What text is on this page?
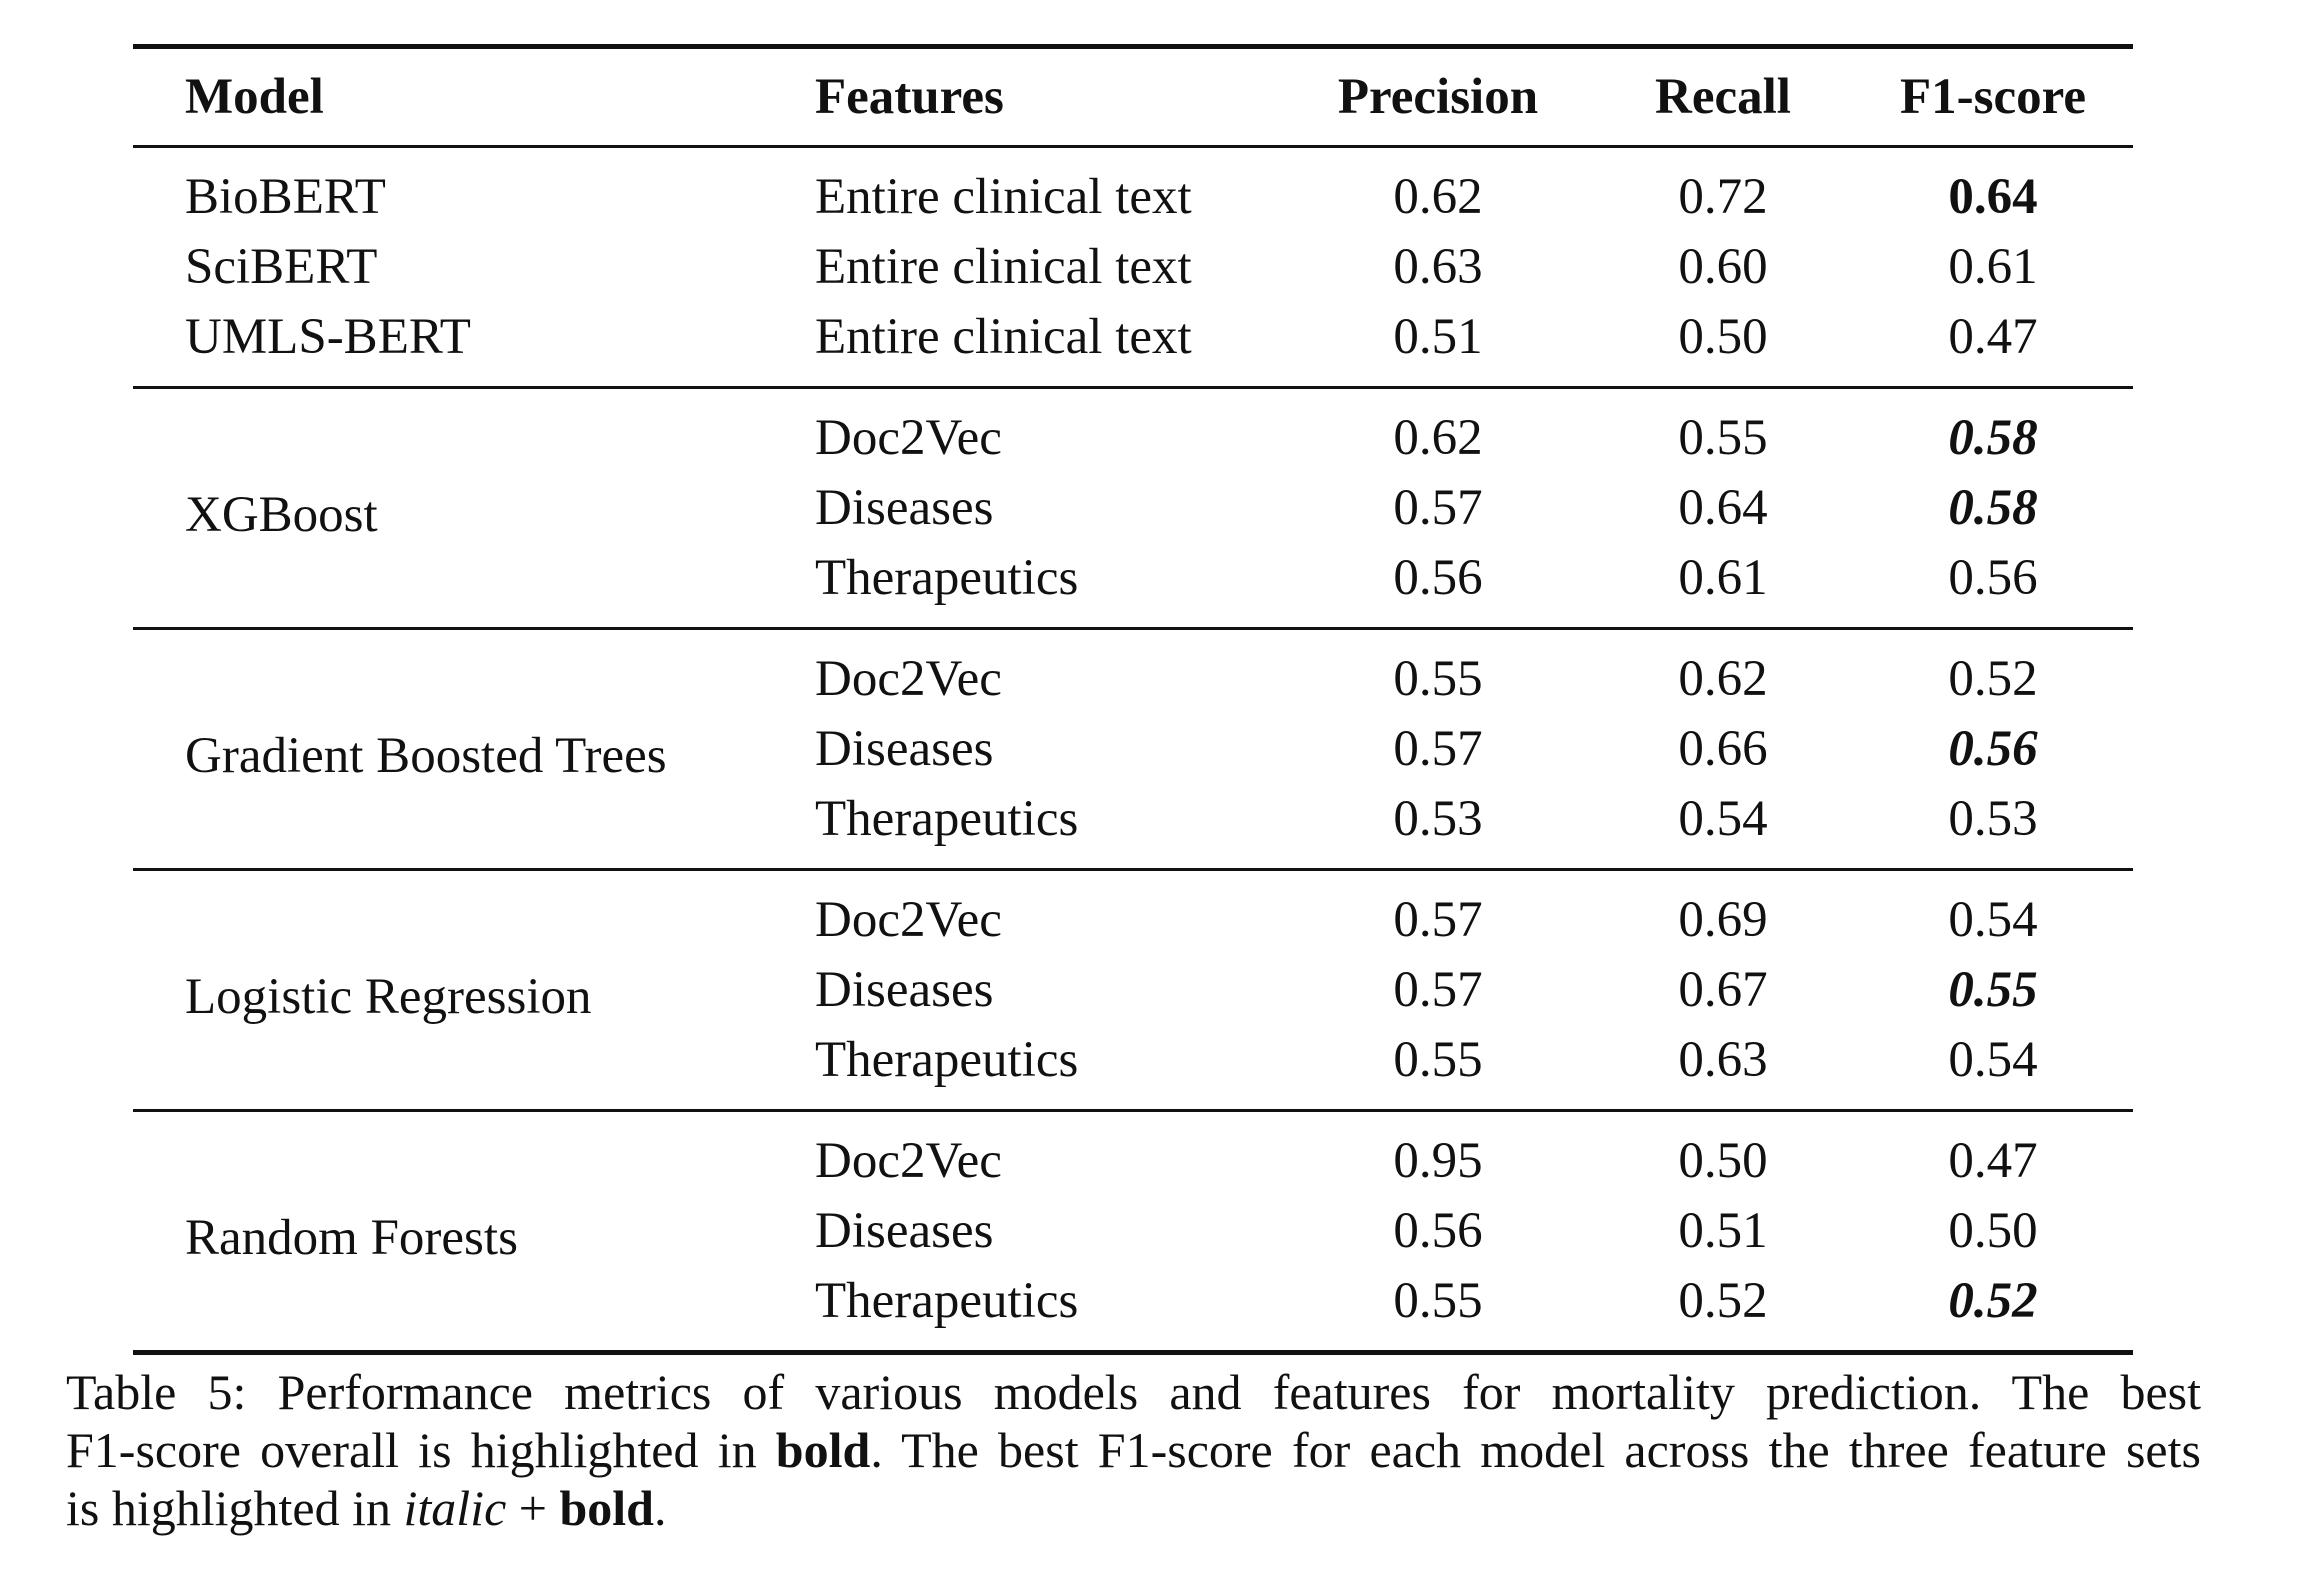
Model	Features	Precision	Recall	F1-score
BioBERT	Entire clinical text	0.62	0.72	0.64
SciBERT	Entire clinical text	0.63	0.60	0.61
UMLS-BERT	Entire clinical text	0.51	0.50	0.47
XGBoost	Doc2Vec	0.62	0.55	0.58
	Diseases	0.57	0.64	0.58
	Therapeutics	0.56	0.61	0.56
Gradient Boosted Trees	Doc2Vec	0.55	0.62	0.52
	Diseases	0.57	0.66	0.56
	Therapeutics	0.53	0.54	0.53
Logistic Regression	Doc2Vec	0.57	0.69	0.54
	Diseases	0.57	0.67	0.55
	Therapeutics	0.55	0.63	0.54
Random Forests	Doc2Vec	0.95	0.50	0.47
	Diseases	0.56	0.51	0.50
	Therapeutics	0.55	0.52	0.52

Table 5: Performance metrics of various models and features for mortality prediction. The best
F1-score overall is highlighted in bold. The best F1-score for each model across the three feature sets
is highlighted in italic + bold.
